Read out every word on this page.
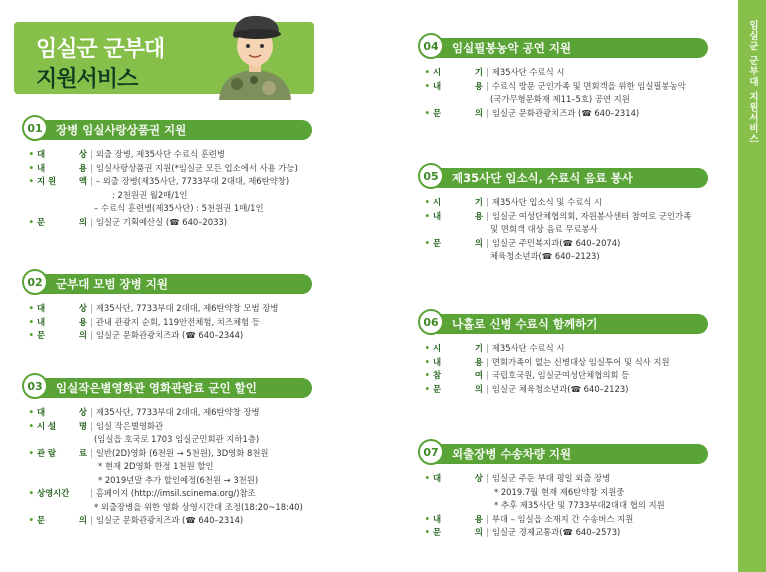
임실군 군부대
지원서비스
01	장병 임실사랑상품권 지원
• 대	상 | 외출 장병, 제35사단 수료식 훈련병
• 내	용 | 임실사랑상품권 지원(*임실군 모든 업소에서 사용 가능)
• 지 원	액 | – 외출 장병(제35사단, 7733부대 2대대, 제6탄약창)
: 2천원권 월2매/1인
– 수료식 훈련병(제35사단) : 5천원권 1매/1인
• 문	의 | 임실군 기획예산실 (☎ 640–2033)
02	군부대 모범 장병 지원
• 대	상 | 제35사단, 7733부대 2대대, 제6탄약창 모범 장병
• 내	용 | 관내 관광지 순회, 119안전체험, 치즈체험 등
• 문	의 | 임실군 문화관광치즈과 (☎ 640–2344)
03	임실작은별영화관 영화관람료 군인 할인
• 대	상 | 제35사단, 7733부대 2대대, 제6탄약창 장병
• 시 설	명 | 임실 작은별영화관
(임실읍 호국로 1703 임실군민회관 지하1층)
• 관 람	료 | 일반(2D)영화 (6천원 → 5천원), 3D영화 8천원
* 현재 2D영화 한정 1천원 할인
* 2019년말 추가 할인예정(6천원 → 3천원)
• 상영시간	| 홈페이지 (http://imsil.scinema.org/)참조
* 외출장병을 위한 영화 상영시간대 조정(18:20~18:40)
• 문	의 | 임실군 문화관광치즈과 (☎ 640–2314)
04	임실필봉농악 공연 지원
• 시	기 | 제35사단 수료식 시
• 내	용 | 수료식 방문 군인가족 및 면회객을 위한 임실필봉농악
(국가무형문화재 제11–5호) 공연 지원
• 문	의 | 임실군 문화관광치즈과 (☎ 640–2314)
05	제35사단 입소식, 수료식 음료 봉사
• 시	기 | 제35사단 입소식 및 수료식 시
• 내	용 | 임실군 여성단체협의회, 자원봉사센터 참여로 군인가족
및 면회객 대상 음료 무료봉사
• 문	의 | 임실군 주민복지과(☎ 640–2074)
체육청소년과(☎ 640–2123)
06	나홀로 신병 수료식 함께하기
• 시	기 | 제35사단 수료식 시
• 내	용 | 면회가족이 없는 신병대상 임실투어 및 식사 지원
• 참	여 | 국립호국원, 임실군여성단체협의회 등
• 문	의 | 임실군 체육청소년과(☎ 640–2123)
07	외출장병 수송차량 지원
• 대	상 | 임실군 주둔 부대 평일 외출 장병
* 2019.7월 현재 제6탄약창 지원중
* 추후 제35사단 및 7733부대2대대 협의 지원
• 내	용 | 부대 – 임실읍 소재지 간 수송버스 지원
• 문	의 | 임실군 경제교통과(☎ 640–2573)
임실군 군부대 지원서비스
